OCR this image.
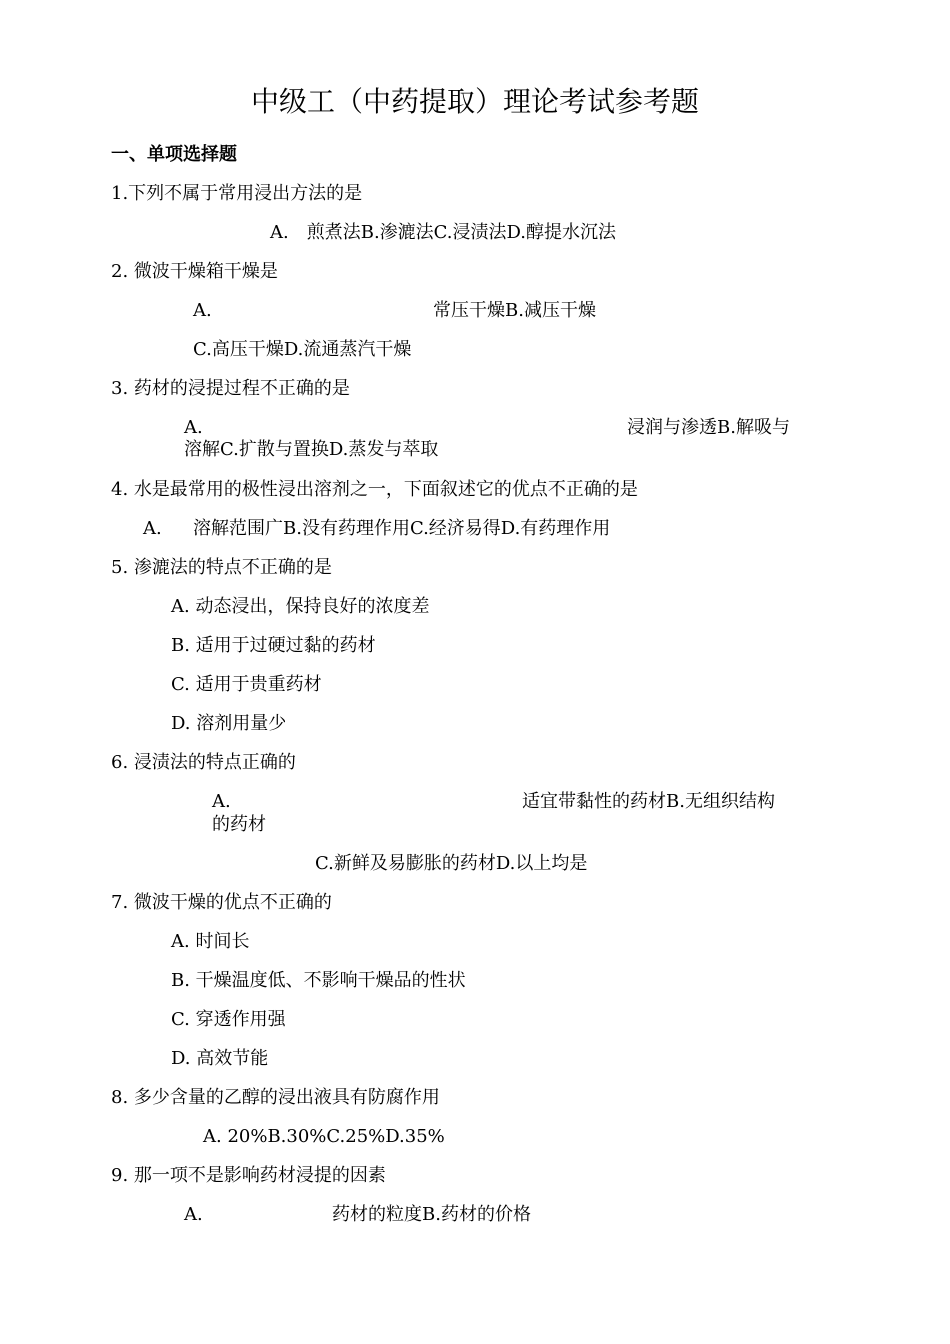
中级工（中药提取）理论考试参考题
一、单项选择题
1.下列不属于常用浸出方法的是
A.　煎煮法B.渗漉法C.浸渍法D.醇提水沉法
2. 微波干燥箱干燥是
A.	常压干燥B.减压干燥
C.高压干燥D.流通蒸汽干燥
3. 药材的浸提过程不正确的是
A.	浸润与渗透B.解吸与
溶解C.扩散与置换D.蒸发与萃取
4. 水是最常用的极性浸出溶剂之一，下面叙述它的优点不正确的是
A. 溶解范围广B.没有药理作用C.经济易得D.有药理作用
5. 渗漉法的特点不正确的是
A. 动态浸出，保持良好的浓度差
B. 适用于过硬过黏的药材
C. 适用于贵重药材
D. 溶剂用量少
6. 浸渍法的特点正确的
A.	适宜带黏性的药材B.无组织结构
的药材
C.新鲜及易膨胀的药材D.以上均是
7. 微波干燥的优点不正确的
A. 时间长
B. 干燥温度低、不影响干燥品的性状
C. 穿透作用强
D. 高效节能
8. 多少含量的乙醇的浸出液具有防腐作用
A. 20%B.30%C.25%D.35%
9. 那一项不是影响药材浸提的因素
A.	药材的粒度B.药材的价格
